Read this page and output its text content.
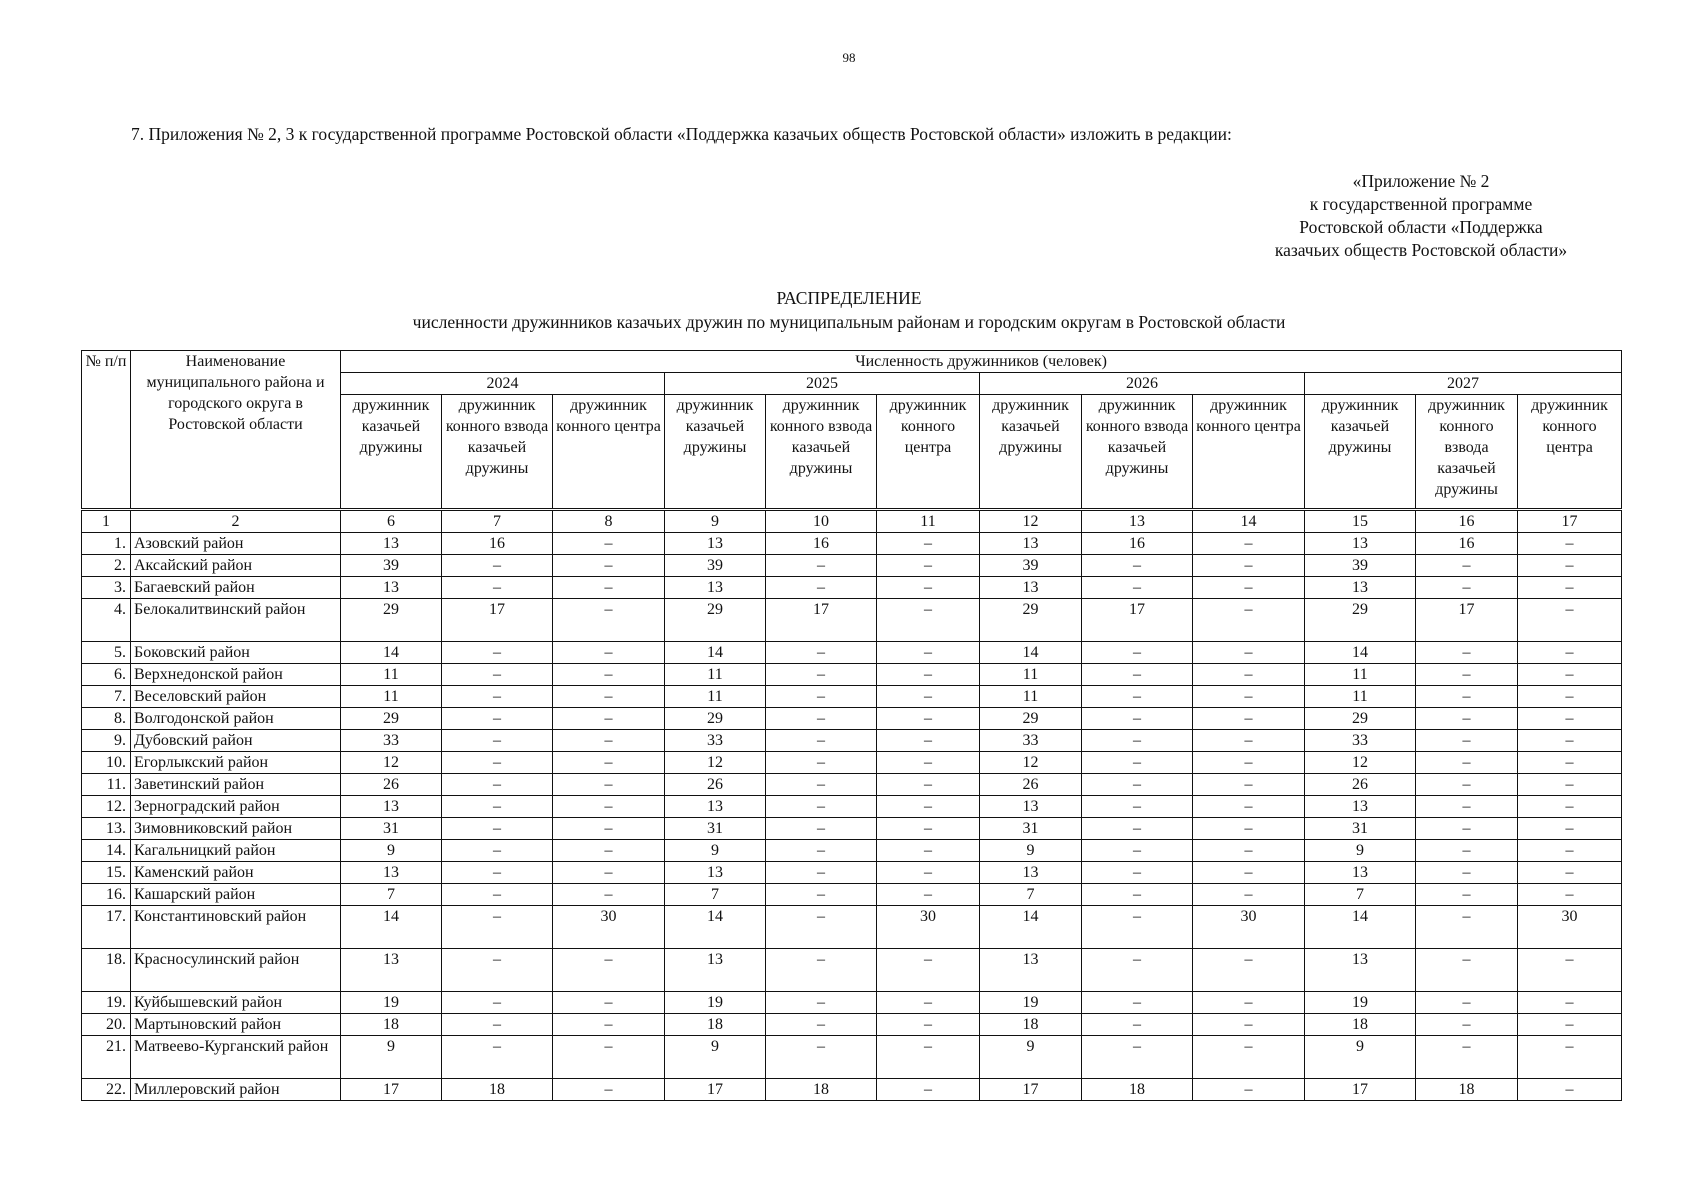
98
7. Приложения № 2, 3 к государственной программе Ростовской области «Поддержка казачьих обществ Ростовской области» изложить в редакции:
«Приложение № 2
к государственной программе
Ростовской области «Поддержка
казачьих обществ Ростовской области»
РАСПРЕДЕЛЕНИЕ
численности дружинников казачьих дружин по муниципальным районам и городским округам в Ростовской области
№ п/п	Наименование муниципального района и городского округа в Ростовской области	Численность дружинников (человек)											
		2024			2025			2026			2027		
		дружинник казачьей дружины	дружинник конного взвода казачьей дружины	дружинник конного центра	дружинник казачьей дружины	дружинник конного взвода казачьей дружины	дружинник конного центра	дружинник казачьей дружины	дружинник конного взвода казачьей дружины	дружинник конного центра	дружинник казачьей дружины	дружинник конного взвода казачьей дружины	дружинник конного центра
1	2	6	7	8	9	10	11	12	13	14	15	16	17
1.	Азовский район	13	16	–	13	16	–	13	16	–	13	16	–
2.	Аксайский район	39	–	–	39	–	–	39	–	–	39	–	–
3.	Багаевский район	13	–	–	13	–	–	13	–	–	13	–	–
4.	Белокалитвинский район	29	17	–	29	17	–	29	17	–	29	17	–
5.	Боковский район	14	–	–	14	–	–	14	–	–	14	–	–
6.	Верхнедонской район	11	–	–	11	–	–	11	–	–	11	–	–
7.	Веселовский район	11	–	–	11	–	–	11	–	–	11	–	–
8.	Волгодонской район	29	–	–	29	–	–	29	–	–	29	–	–
9.	Дубовский район	33	–	–	33	–	–	33	–	–	33	–	–
10.	Егорлыкский район	12	–	–	12	–	–	12	–	–	12	–	–
11.	Заветинский район	26	–	–	26	–	–	26	–	–	26	–	–
12.	Зерноградский район	13	–	–	13	–	–	13	–	–	13	–	–
13.	Зимовниковский район	31	–	–	31	–	–	31	–	–	31	–	–
14.	Кагальницкий район	9	–	–	9	–	–	9	–	–	9	–	–
15.	Каменский район	13	–	–	13	–	–	13	–	–	13	–	–
16.	Кашарский район	7	–	–	7	–	–	7	–	–	7	–	–
17.	Константиновский район	14	–	30	14	–	30	14	–	30	14	–	30
18.	Красносулинский район	13	–	–	13	–	–	13	–	–	13	–	–
19.	Куйбышевский район	19	–	–	19	–	–	19	–	–	19	–	–
20.	Мартыновский район	18	–	–	18	–	–	18	–	–	18	–	–
21.	Матвеево-Курганский район	9	–	–	9	–	–	9	–	–	9	–	–
22.	Миллеровский район	17	18	–	17	18	–	17	18	–	17	18	–
